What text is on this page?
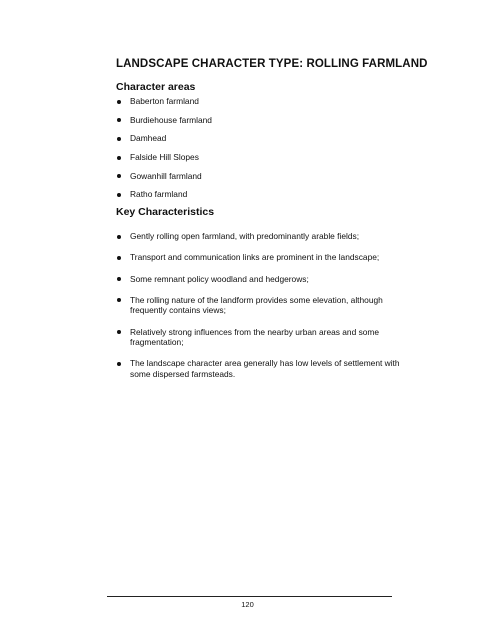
LANDSCAPE CHARACTER TYPE: ROLLING FARMLAND
Character areas
Baberton farmland
Burdiehouse farmland
Damhead
Falside Hill Slopes
Gowanhill farmland
Ratho farmland
Key Characteristics
Gently rolling open farmland, with predominantly arable fields;
Transport and communication links are prominent in the landscape;
Some remnant policy woodland and hedgerows;
The rolling nature of the landform provides some elevation, although frequently contains views;
Relatively strong influences from the nearby urban areas and some fragmentation;
The landscape character area generally has low levels of settlement with some dispersed farmsteads.
120
